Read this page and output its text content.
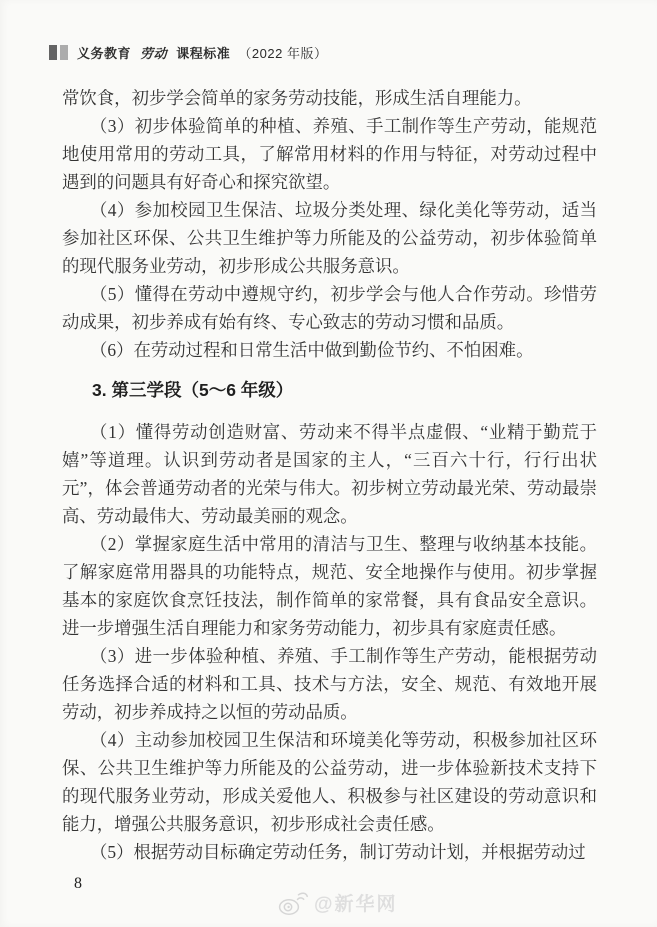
义务教育 劳动 课程标准 （2022 年版）

常饮食，初步学会简单的家务劳动技能，形成生活自理能力。

（3）初步体验简单的种植、养殖、手工制作等生产劳动，能规范地使用常用的劳动工具，了解常用材料的作用与特征，对劳动过程中遇到的问题具有好奇心和探究欲望。

（4）参加校园卫生保洁、垃圾分类处理、绿化美化等劳动，适当参加社区环保、公共卫生维护等力所能及的公益劳动，初步体验简单的现代服务业劳动，初步形成公共服务意识。

（5）懂得在劳动中遵规守约，初步学会与他人合作劳动。珍惜劳动成果，初步养成有始有终、专心致志的劳动习惯和品质。

（6）在劳动过程和日常生活中做到勤俭节约、不怕困难。

3. 第三学段（5～6 年级）

（1）懂得劳动创造财富、劳动来不得半点虚假、“业精于勤荒于嬉”等道理。认识到劳动者是国家的主人，“三百六十行，行行出状元”，体会普通劳动者的光荣与伟大。初步树立劳动最光荣、劳动最崇高、劳动最伟大、劳动最美丽的观念。

（2）掌握家庭生活中常用的清洁与卫生、整理与收纳基本技能。了解家庭常用器具的功能特点，规范、安全地操作与使用。初步掌握基本的家庭饮食烹饪技法，制作简单的家常餐，具有食品安全意识。进一步增强生活自理能力和家务劳动能力，初步具有家庭责任感。

（3）进一步体验种植、养殖、手工制作等生产劳动，能根据劳动任务选择合适的材料和工具、技术与方法，安全、规范、有效地开展劳动，初步养成持之以恒的劳动品质。

（4）主动参加校园卫生保洁和环境美化等劳动，积极参加社区环保、公共卫生维护等力所能及的公益劳动，进一步体验新技术支持下的现代服务业劳动，形成关爱他人、积极参与社区建设的劳动意识和能力，增强公共服务意识，初步形成社会责任感。

（5）根据劳动目标确定劳动任务，制订劳动计划，并根据劳动过

8
@新华网
